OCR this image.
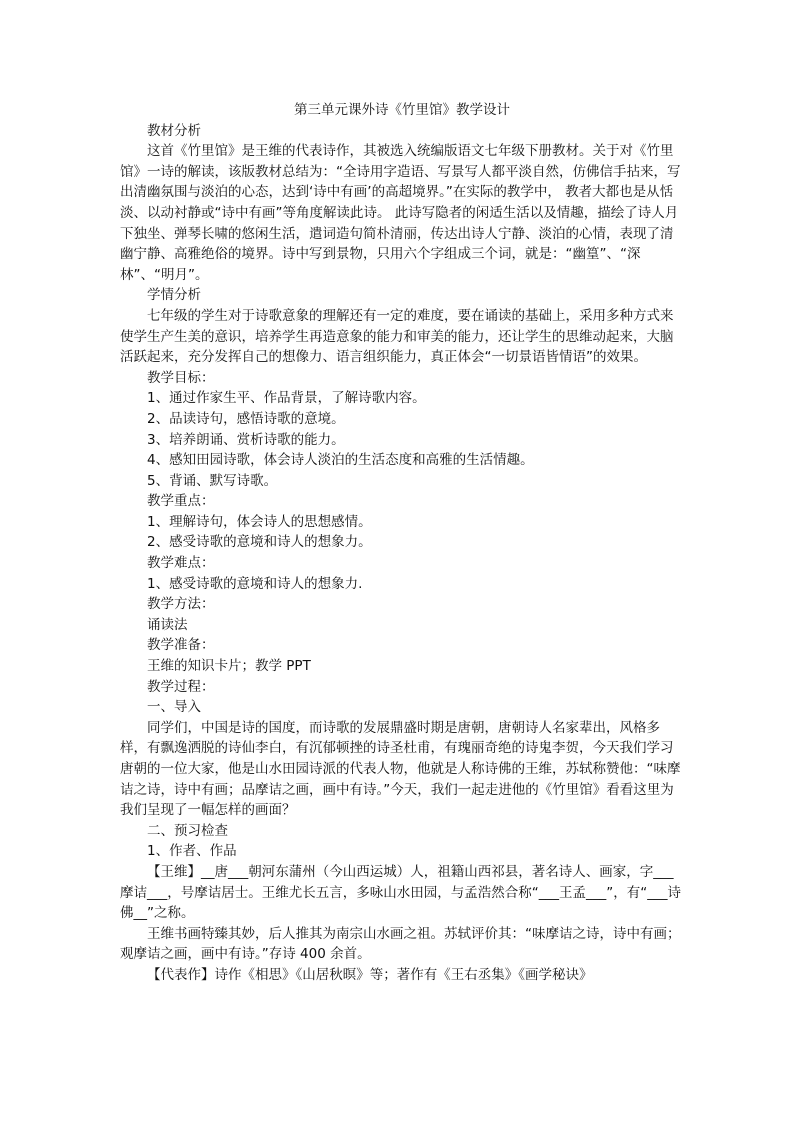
第三单元课外诗《竹里馆》教学设计

教材分析

这首《竹里馆》是王维的代表诗作，其被选入统编版语文七年级下册教材。关于对《竹里馆》一诗的解读，该版教材总结为：“全诗用字造语、写景写人都平淡自然，仿佛信手拈来，写出清幽氛围与淡泊的心态，达到‘诗中有画’的高超境界。”在实际的教学中， 教者大都也是从恬淡、以动衬静或“诗中有画”等角度解读此诗。 此诗写隐者的闲适生活以及情趣，描绘了诗人月下独坐、弹琴长啸的悠闲生活，遣词造句简朴清丽，传达出诗人宁静、淡泊的心情，表现了清幽宁静、高雅绝俗的境界。诗中写到景物，只用六个字组成三个词，就是：“幽篁”、“深林”、“明月”。

学情分析

七年级的学生对于诗歌意象的理解还有一定的难度，要在诵读的基础上，采用多种方式来使学生产生美的意识，培养学生再造意象的能力和审美的能力，还让学生的思维动起来，大脑活跃起来，充分发挥自己的想像力、语言组织能力，真正体会“一切景语皆情语”的效果。

教学目标：

1、通过作家生平、作品背景，了解诗歌内容。

2、品读诗句，感悟诗歌的意境。

3、培养朗诵、赏析诗歌的能力。

4、感知田园诗歌，体会诗人淡泊的生活态度和高雅的生活情趣。

5、背诵、默写诗歌。

教学重点：

1、理解诗句，体会诗人的思想感情。

2、感受诗歌的意境和诗人的想象力。

教学难点：

1、感受诗歌的意境和诗人的想象力.

教学方法：

诵读法

教学准备：

王维的知识卡片；教学 PPT

教学过程：

一、导入

同学们，中国是诗的国度，而诗歌的发展鼎盛时期是唐朝，唐朝诗人名家辈出，风格多样，有飘逸洒脱的诗仙李白，有沉郁顿挫的诗圣杜甫，有瑰丽奇绝的诗鬼李贺，今天我们学习唐朝的一位大家，他是山水田园诗派的代表人物，他就是人称诗佛的王维，苏轼称赞他：“味摩诘之诗，诗中有画；品摩诘之画，画中有诗。”今天，我们一起走进他的《竹里馆》看看这里为我们呈现了一幅怎样的画面？

二、预习检查

1、作者、作品

【王维】__唐___朝河东蒲州（今山西运城）人，祖籍山西祁县，著名诗人、画家，字___摩诘___，号摩诘居士。王维尤长五言，多咏山水田园，与孟浩然合称“___王孟___”，有“___诗佛__”之称。

王维书画特臻其妙，后人推其为南宗山水画之祖。苏轼评价其：“味摩诘之诗，诗中有画；观摩诘之画，画中有诗。”存诗 400 余首。

【代表作】诗作《相思》《山居秋暝》等；著作有《王右丞集》《画学秘诀》
